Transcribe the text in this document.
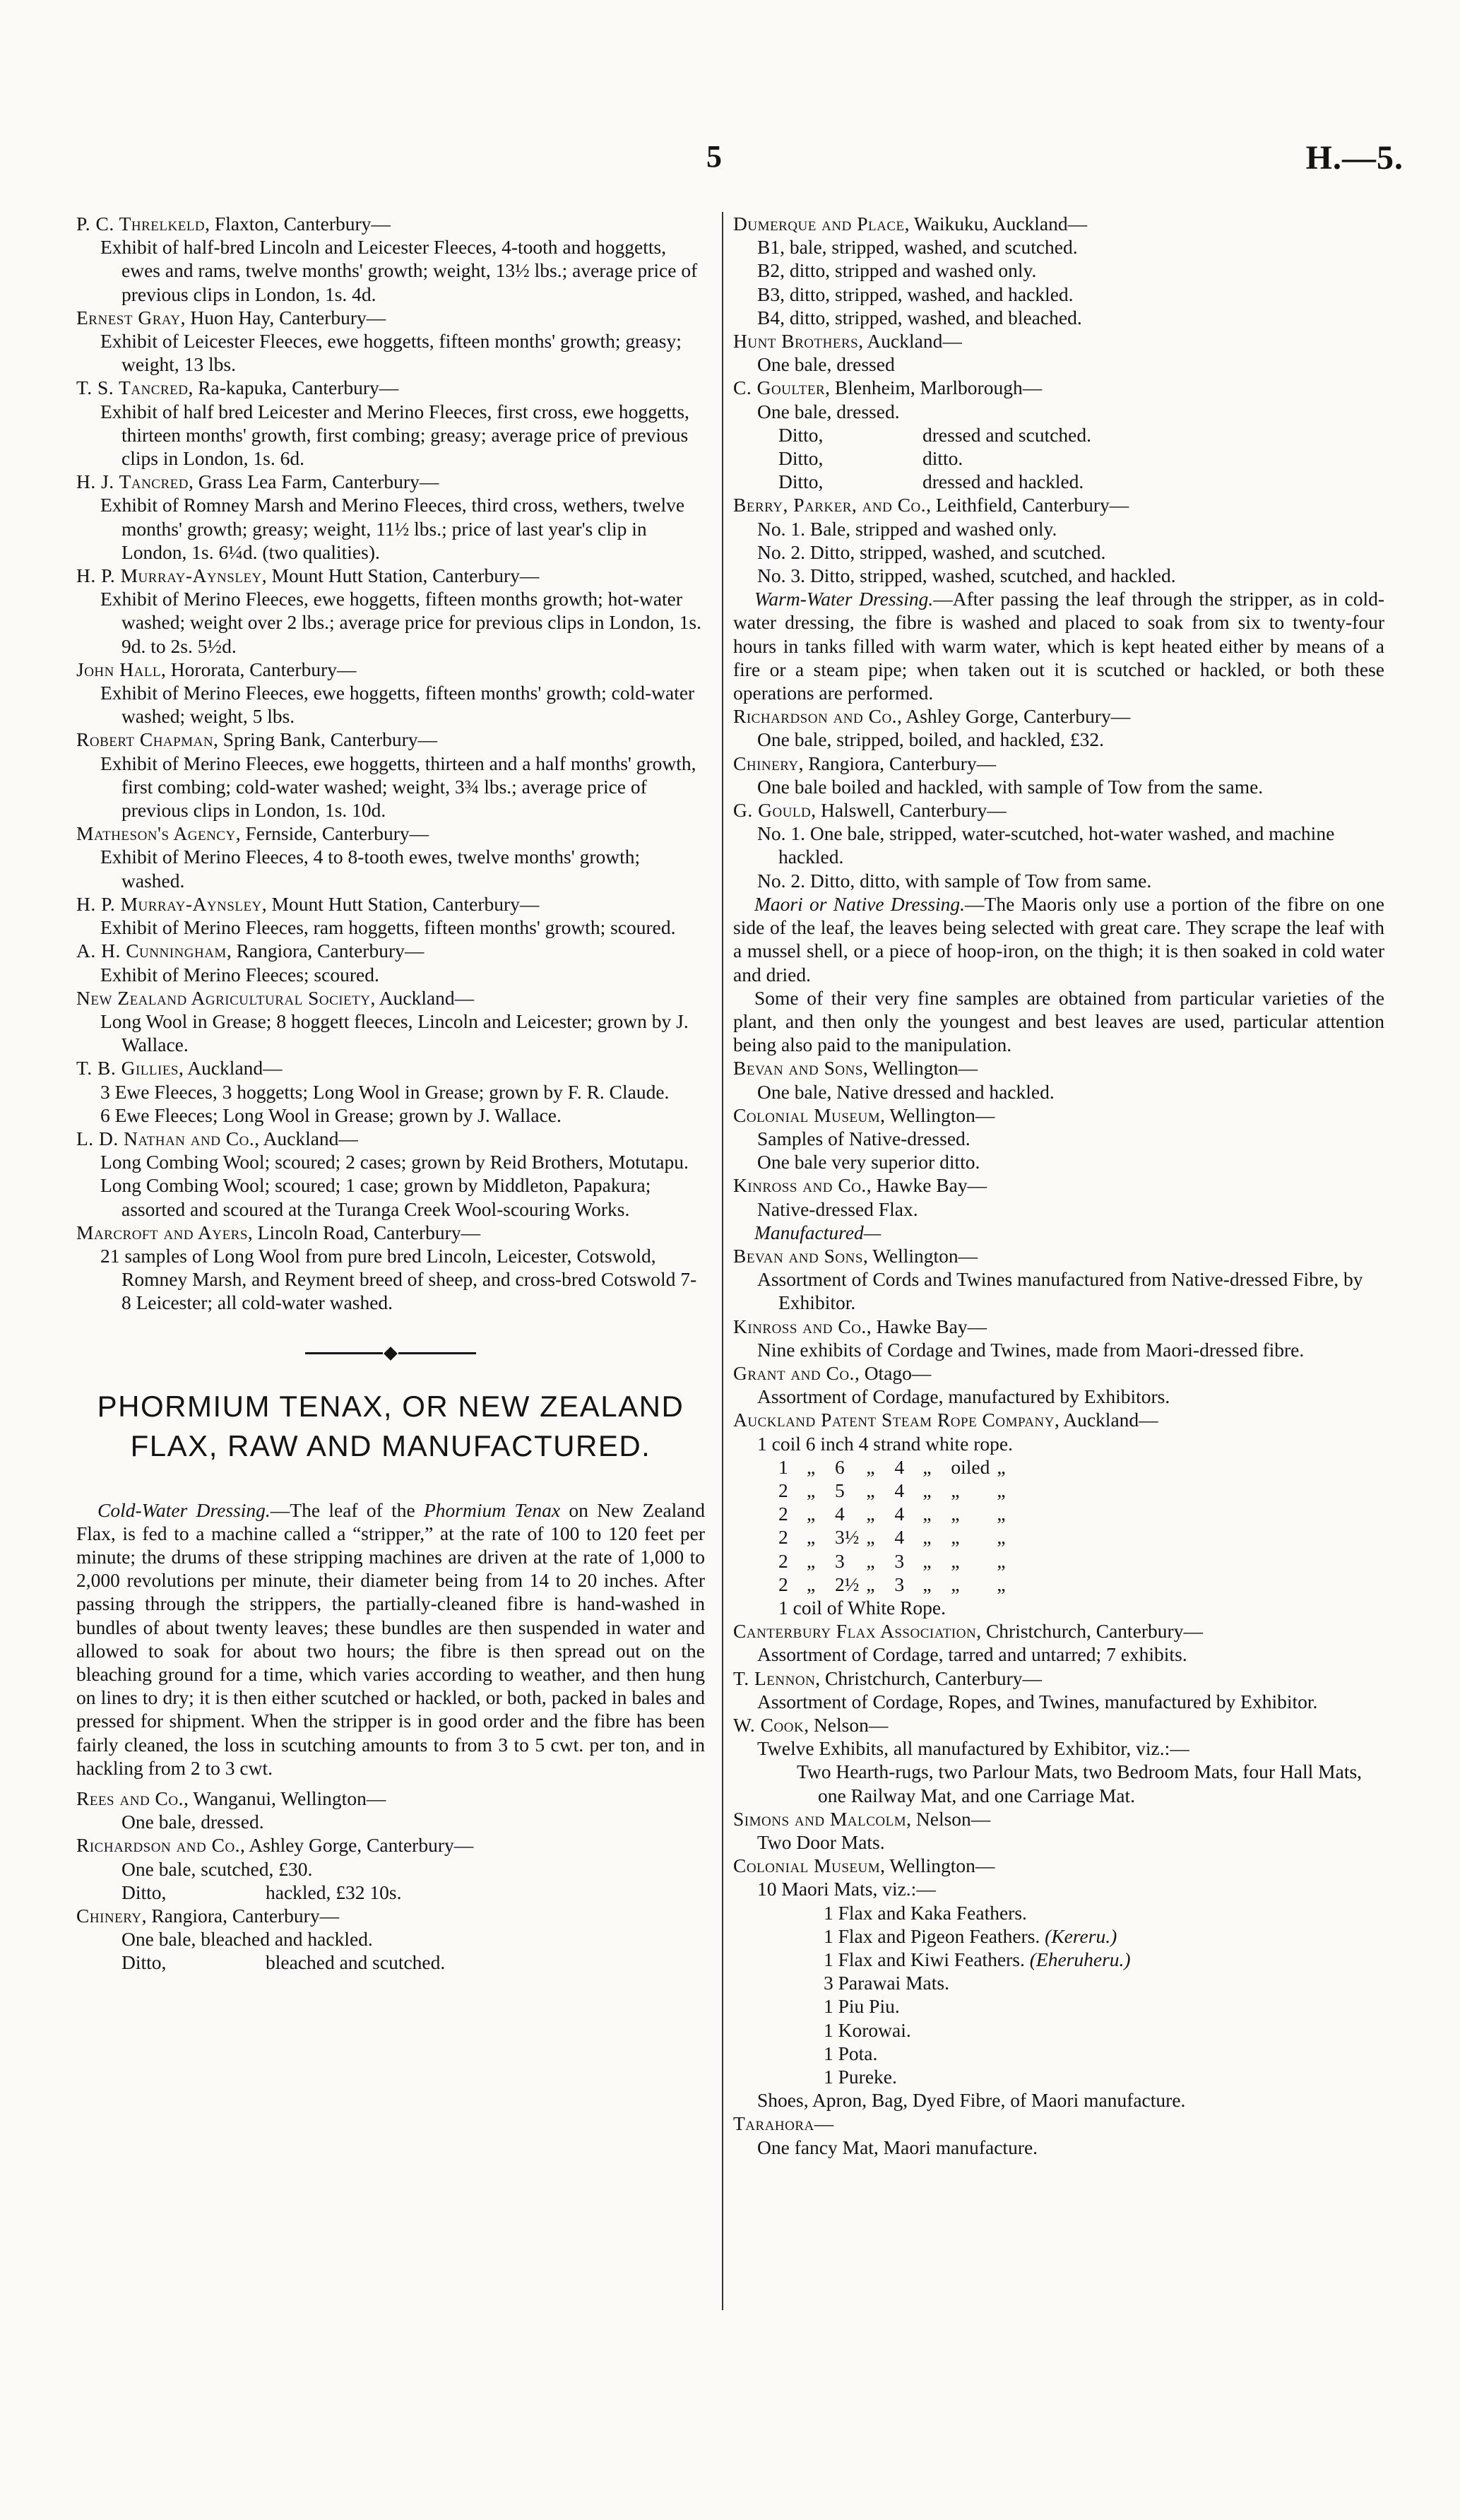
5	H.—5.
P. C. Threlkeld, Flaxton, Canterbury—
Exhibit of half-bred Lincoln and Leicester Fleeces, 4-tooth and hoggetts, ewes and rams, twelve months' growth; weight, 13½ lbs.; average price of previous clips in London, 1s. 4d.
Ernest Gray, Huon Hay, Canterbury—
Exhibit of Leicester Fleeces, ewe hoggetts, fifteen months' growth; greasy; weight, 13 lbs.
T. S. Tancred, Ra-kapuka, Canterbury—
Exhibit of half bred Leicester and Merino Fleeces, first cross, ewe hoggetts, thirteen months' growth, first combing; greasy; average price of previous clips in London, 1s. 6d.
H. J. Tancred, Grass Lea Farm, Canterbury—
Exhibit of Romney Marsh and Merino Fleeces, third cross, wethers, twelve months' growth; greasy; weight, 11½ lbs.; price of last year's clip in London, 1s. 6¼d. (two qualities).
H. P. Murray-Aynsley, Mount Hutt Station, Canterbury—
Exhibit of Merino Fleeces, ewe hoggetts, fifteen months growth; hot-water washed; weight over 2 lbs.; average price for previous clips in London, 1s. 9d. to 2s. 5½d.
John Hall, Hororata, Canterbury—
Exhibit of Merino Fleeces, ewe hoggetts, fifteen months' growth; cold-water washed; weight, 5 lbs.
Robert Chapman, Spring Bank, Canterbury—
Exhibit of Merino Fleeces, ewe hoggetts, thirteen and a half months' growth, first combing; cold-water washed; weight, 3¾ lbs.; average price of previous clips in London, 1s. 10d.
Matheson's Agency, Fernside, Canterbury—
Exhibit of Merino Fleeces, 4 to 8-tooth ewes, twelve months' growth; washed.
H. P. Murray-Aynsley, Mount Hutt Station, Canterbury—
Exhibit of Merino Fleeces, ram hoggetts, fifteen months' growth; scoured.
A. H. Cunningham, Rangiora, Canterbury—
Exhibit of Merino Fleeces; scoured.
New Zealand Agricultural Society, Auckland—
Long Wool in Grease; 8 hoggett fleeces, Lincoln and Leicester; grown by J. Wallace.
T. B. Gillies, Auckland—
3 Ewe Fleeces, 3 hoggetts; Long Wool in Grease; grown by F. R. Claude.
6 Ewe Fleeces; Long Wool in Grease; grown by J. Wallace.
L. D. Nathan and Co., Auckland—
Long Combing Wool; scoured; 2 cases; grown by Reid Brothers, Motutapu.
Long Combing Wool; scoured; 1 case; grown by Middleton, Papakura; assorted and scoured at the Turanga Creek Wool-scouring Works.
Marcroft and Ayers, Lincoln Road, Canterbury—
21 samples of Long Wool from pure bred Lincoln, Leicester, Cotswold, Romney Marsh, and Reyment breed of sheep, and cross-bred Cotswold 7-8 Leicester; all cold-water washed.
PHORMIUM TENAX, OR NEW ZEALAND
FLAX, RAW AND MANUFACTURED.

Cold-Water Dressing.—The leaf of the Phormium Tenax on New Zealand Flax, is fed to a machine called a “stripper,” at the rate of 100 to 120 feet per minute; the drums of these stripping machines are driven at the rate of 1,000 to 2,000 revolutions per minute, their diameter being from 14 to 20 inches. After passing through the strippers, the partially-cleaned fibre is hand-washed in bundles of about twenty leaves; these bundles are then suspended in water and allowed to soak for about two hours; the fibre is then spread out on the bleaching ground for a time, which varies according to weather, and then hung on lines to dry; it is then either scutched or hackled, or both, packed in bales and pressed for shipment. When the stripper is in good order and the fibre has been fairly cleaned, the loss in scutching amounts to from 3 to 5 cwt. per ton, and in hackling from 2 to 3 cwt.

Rees and Co., Wanganui, Wellington—
One bale, dressed.
Richardson and Co., Ashley Gorge, Canterbury—
One bale, scutched, £30.
Ditto,	hackled, £32 10s.
Chinery, Rangiora, Canterbury—
One bale, bleached and hackled.
Ditto,	bleached and scutched.
Dumerque and Place, Waikuku, Auckland—
B1, bale, stripped, washed, and scutched.
B2, ditto, stripped and washed only.
B3, ditto, stripped, washed, and hackled.
B4, ditto, stripped, washed, and bleached.
Hunt Brothers, Auckland—
One bale, dressed
C. Goulter, Blenheim, Marlborough—
One bale, dressed.
Ditto,	dressed and scutched.
Ditto,	ditto.
Ditto,	dressed and hackled.
Berry, Parker, and Co., Leithfield, Canterbury—
No. 1. Bale, stripped and washed only.
No. 2. Ditto, stripped, washed, and scutched.
No. 3. Ditto, stripped, washed, scutched, and hackled.

Warm-Water Dressing.—After passing the leaf through the stripper, as in cold-water dressing, the fibre is washed and placed to soak from six to twenty-four hours in tanks filled with warm water, which is kept heated either by means of a fire or a steam pipe; when taken out it is scutched or hackled, or both these operations are performed.

Richardson and Co., Ashley Gorge, Canterbury—
One bale, stripped, boiled, and hackled, £32.
Chinery, Rangiora, Canterbury—
One bale boiled and hackled, with sample of Tow from the same.
G. Gould, Halswell, Canterbury—
No. 1. One bale, stripped, water-scutched, hot-water washed, and machine hackled.
No. 2. Ditto, ditto, with sample of Tow from same.

Maori or Native Dressing.—The Maoris only use a portion of the fibre on one side of the leaf, the leaves being selected with great care. They scrape the leaf with a mussel shell, or a piece of hoop-iron, on the thigh; it is then soaked in cold water and dried.

Some of their very fine samples are obtained from particular varieties of the plant, and then only the youngest and best leaves are used, particular attention being also paid to the manipulation.

Bevan and Sons, Wellington—
One bale, Native dressed and hackled.
Colonial Museum, Wellington—
Samples of Native-dressed.
One bale very superior ditto.
Kinross and Co., Hawke Bay—
Native-dressed Flax.
Manufactured—
Bevan and Sons, Wellington—
Assortment of Cords and Twines manufactured from Native-dressed Fibre, by Exhibitor.
Kinross and Co., Hawke Bay—
Nine exhibits of Cordage and Twines, made from Maori-dressed fibre.
Grant and Co., Otago—
Assortment of Cordage, manufactured by Exhibitors.
Auckland Patent Steam Rope Company, Auckland—
1 coil 6 inch 4 strand white rope.
1	„	6	„	4	„	oiled	„
2	„	5	„	4	„	„	„
2	„	4	„	4	„	„	„
2	„	3½	„	4	„	„	„
2	„	3	„	3	„	„	„
2	„	2½	„	3	„	„	„
1 coil of White Rope.
Canterbury Flax Association, Christchurch, Canterbury—
Assortment of Cordage, tarred and untarred; 7 exhibits.
T. Lennon, Christchurch, Canterbury—
Assortment of Cordage, Ropes, and Twines, manufactured by Exhibitor.
W. Cook, Nelson—
Twelve Exhibits, all manufactured by Exhibitor, viz.:—
Two Hearth-rugs, two Parlour Mats, two Bedroom Mats, four Hall Mats, one Railway Mat, and one Carriage Mat.
Simons and Malcolm, Nelson—
Two Door Mats.
Colonial Museum, Wellington—
10 Maori Mats, viz.:—
1 Flax and Kaka Feathers.
1 Flax and Pigeon Feathers. (Kereru.)
1 Flax and Kiwi Feathers. (Eheruheru.)
3 Parawai Mats.
1 Piu Piu.
1 Korowai.
1 Pota.
1 Pureke.
Shoes, Apron, Bag, Dyed Fibre, of Maori manufacture.
Tarahora—
One fancy Mat, Maori manufacture.
